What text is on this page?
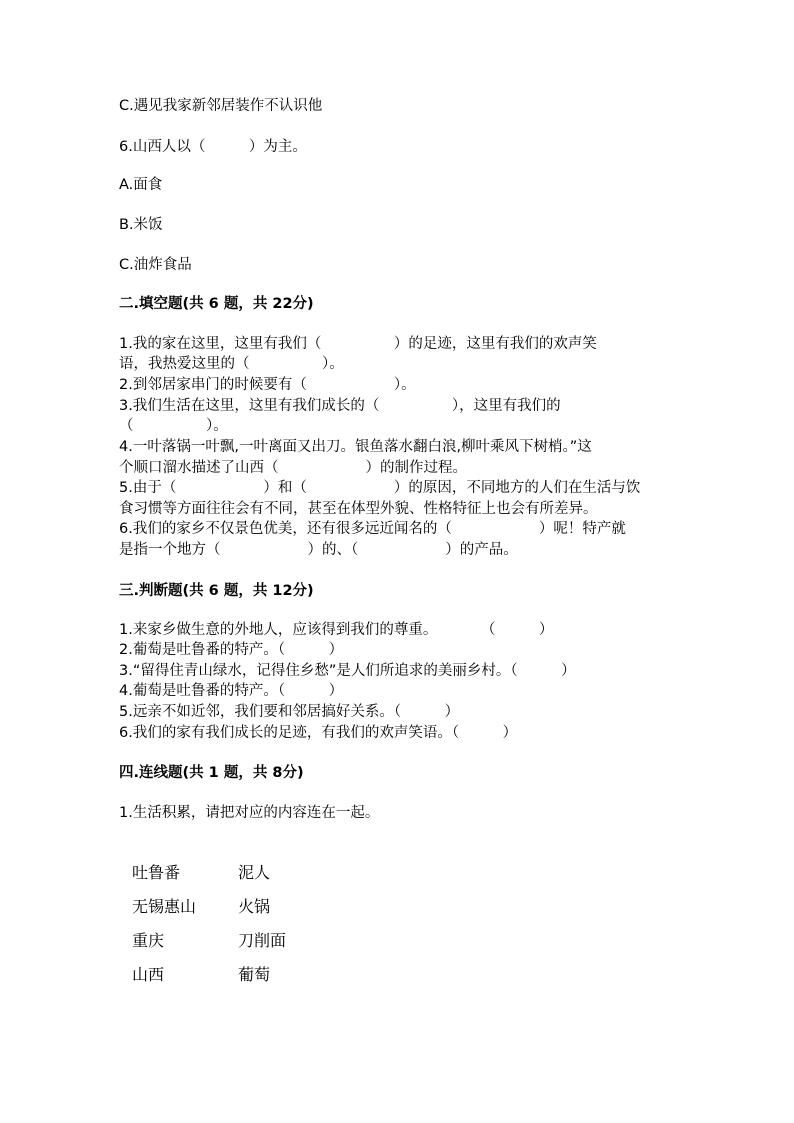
C.遇见我家新邻居装作不认识他
6.山西人以（　　　）为主。
A.面食
B.米饭
C.油炸食品
二.填空题(共 6 题，共 22分)
1.我的家在这里，这里有我们（　　　　　）的足迹，这里有我们的欢声笑
语，我热爱这里的（　　　　　）。
2.到邻居家串门的时候要有（　　　　　　）。
3.我们生活在这里，这里有我们成长的（　　　　　），这里有我们的
（　　　　　）。
4.一叶落锅一叶飘,一叶离面又出刀。银鱼落水翻白浪,柳叶乘风下树梢。”这
个顺口溜水描述了山西（　　　　　　）的制作过程。
5.由于（　　　　　　）和（　　　　　　）的原因，不同地方的人们在生活与饮
食习惯等方面往往会有不同，甚至在体型外貌、性格特征上也会有所差异。
6.我们的家乡不仅景色优美，还有很多远近闻名的（　　　　　　）呢！特产就
是指一个地方（　　　　　　）的、（　　　　　　）的产品。
三.判断题(共 6 题，共 12分)
1.来家乡做生意的外地人，应该得到我们的尊重。　　　　（　　　）
2.葡萄是吐鲁番的特产。（　　　）
3.“留得住青山绿水，记得住乡愁”是人们所追求的美丽乡村。（　　　）
4.葡萄是吐鲁番的特产。（　　　）
5.远亲不如近邻，我们要和邻居搞好关系。（　　　）
6.我们的家有我们成长的足迹，有我们的欢声笑语。（　　　）
四.连线题(共 1 题，共 8分)
1.生活积累，请把对应的内容连在一起。
吐鲁番
无锡惠山
重庆
山西
泥人
火锅
刀削面
葡萄
